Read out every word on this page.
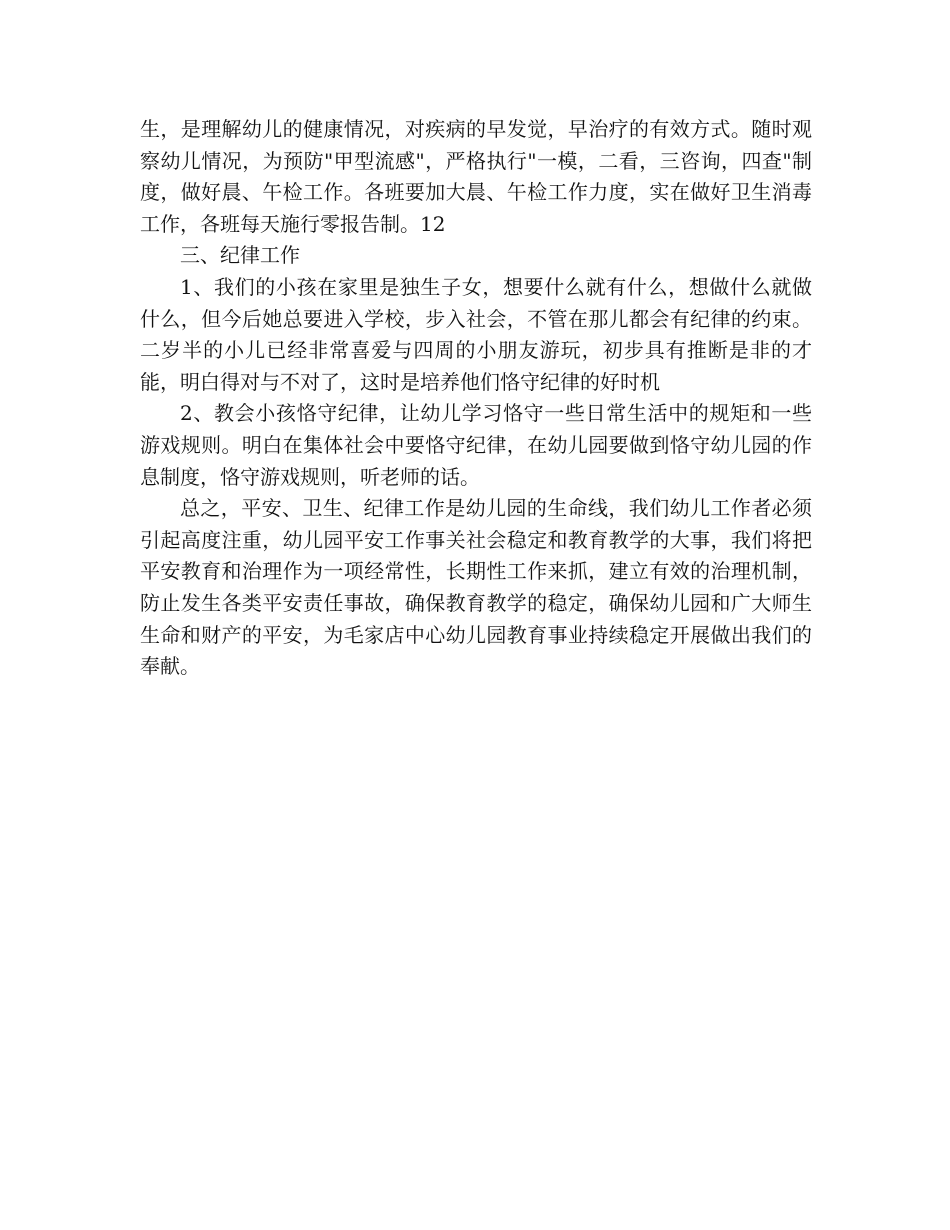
生，是理解幼儿的健康情况，对疾病的早发觉，早治疗的有效方式。随时观察幼儿情况，为预防"甲型流感"，严格执行"一模，二看，三咨询，四查"制度，做好晨、午检工作。各班要加大晨、午检工作力度，实在做好卫生消毒工作，各班每天施行零报告制。12

三、纪律工作

1、我们的小孩在家里是独生子女，想要什么就有什么，想做什么就做什么，但今后她总要进入学校，步入社会，不管在那儿都会有纪律的约束。二岁半的小儿已经非常喜爱与四周的小朋友游玩，初步具有推断是非的才能，明白得对与不对了，这时是培养他们恪守纪律的好时机

2、教会小孩恪守纪律，让幼儿学习恪守一些日常生活中的规矩和一些游戏规则。明白在集体社会中要恪守纪律，在幼儿园要做到恪守幼儿园的作息制度，恪守游戏规则，听老师的话。

总之，平安、卫生、纪律工作是幼儿园的生命线，我们幼儿工作者必须引起高度注重，幼儿园平安工作事关社会稳定和教育教学的大事，我们将把平安教育和治理作为一项经常性，长期性工作来抓，建立有效的治理机制，防止发生各类平安责任事故，确保教育教学的稳定，确保幼儿园和广大师生生命和财产的平安，为毛家店中心幼儿园教育事业持续稳定开展做出我们的奉献。
